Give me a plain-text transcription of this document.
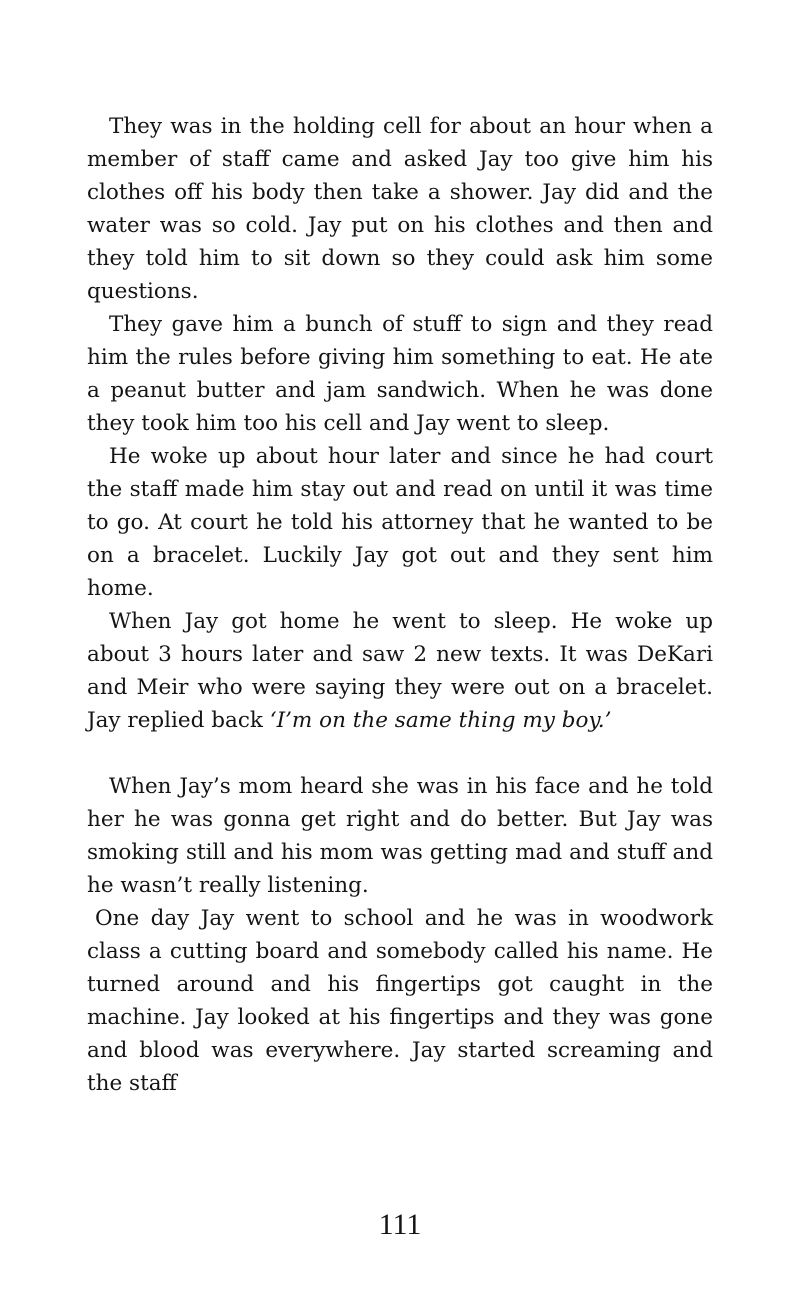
They was in the holding cell for about an hour when a member of staff came and asked Jay too give him his clothes off his body then take a shower. Jay did and the water was so cold. Jay put on his clothes and then and they told him to sit down so they could ask him some questions.

They gave him a bunch of stuff to sign and they read him the rules before giving him something to eat. He ate a peanut butter and jam sandwich. When he was done they took him too his cell and Jay went to sleep.

He woke up about hour later and since he had court the staff made him stay out and read on until it was time to go. At court he told his attorney that he wanted to be on a bracelet. Luckily Jay got out and they sent him home.

When Jay got home he went to sleep. He woke up about 3 hours later and saw 2 new texts. It was DeKari and Meir who were saying they were out on a bracelet. Jay replied back ‘I’m on the same thing my boy.’

When Jay’s mom heard she was in his face and he told her he was gonna get right and do better. But Jay was smoking still and his mom was getting mad and stuff and he wasn’t really listening.

One day Jay went to school and he was in woodwork class a cutting board and somebody called his name. He turned around and his fingertips got caught in the machine. Jay looked at his fingertips and they was gone and blood was everywhere. Jay started screaming and the staff

111
